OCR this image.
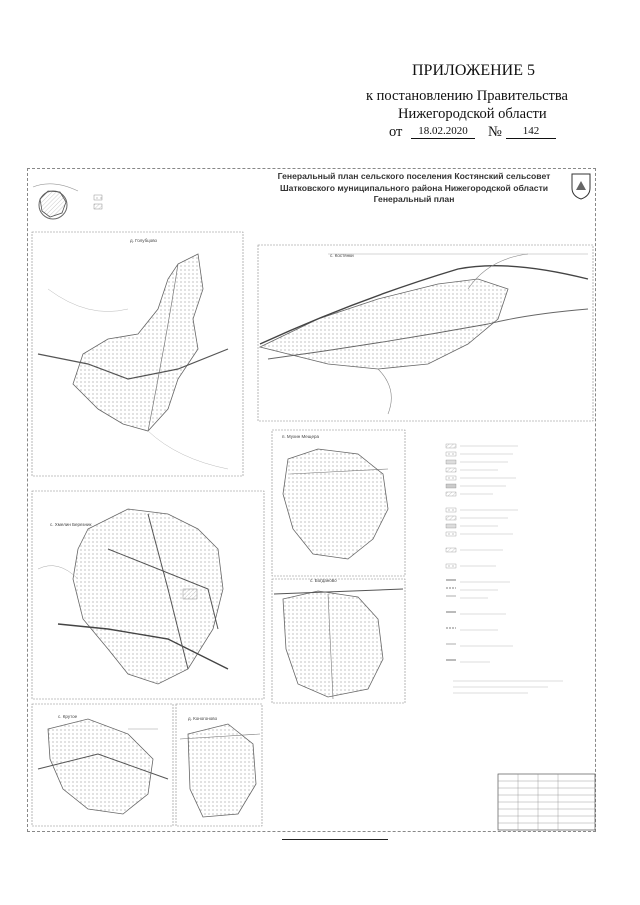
ПРИЛОЖЕНИЕ 5
к постановлению Правительства
Нижегородской области
от	18.02.2020	№	142
Генеральный план сельского поселения Костянский сельсовет
Шатковского муниципального района Нижегородской области
Генеральный план
д. Голубцово
с. Костянки
п. Мухин Мещера
с. Богданово
с. Хмелин Березник
с. Крутое	д. Коногоново
